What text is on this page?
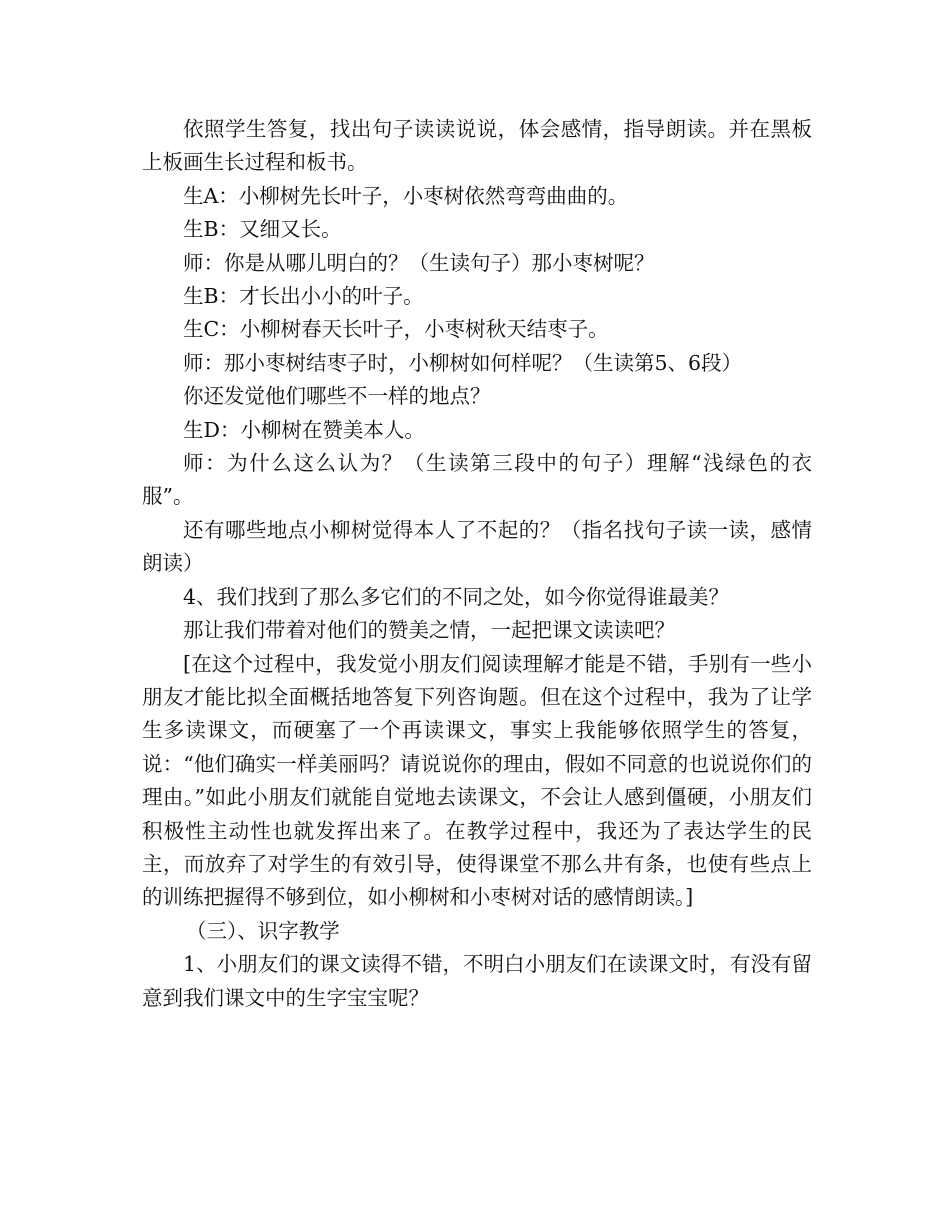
依照学生答复，找出句子读读说说，体会感情，指导朗读。并在黑板上板画生长过程和板书。

生A：小柳树先长叶子，小枣树依然弯弯曲曲的。

生B：又细又长。

师：你是从哪儿明白的？（生读句子）那小枣树呢？

生B：才长出小小的叶子。

生C：小柳树春天长叶子，小枣树秋天结枣子。

师：那小枣树结枣子时，小柳树如何样呢？（生读第5、6段）

你还发觉他们哪些不一样的地点？

生D：小柳树在赞美本人。

师：为什么这么认为？（生读第三段中的句子）理解“浅绿色的衣服”。

还有哪些地点小柳树觉得本人了不起的？（指名找句子读一读，感情朗读）

4、我们找到了那么多它们的不同之处，如今你觉得谁最美？

那让我们带着对他们的赞美之情，一起把课文读读吧？

[在这个过程中，我发觉小朋友们阅读理解才能是不错，手别有一些小朋友才能比拟全面概括地答复下列咨询题。但在这个过程中，我为了让学生多读课文，而硬塞了一个再读课文，事实上我能够依照学生的答复，说：“他们确实一样美丽吗？请说说你的理由，假如不同意的也说说你们的理由。”如此小朋友们就能自觉地去读课文，不会让人感到僵硬，小朋友们积极性主动性也就发挥出来了。在教学过程中，我还为了表达学生的民主，而放弃了对学生的有效引导，使得课堂不那么井有条，也使有些点上的训练把握得不够到位，如小柳树和小枣树对话的感情朗读。]

（三）、识字教学

1、小朋友们的课文读得不错，不明白小朋友们在读课文时，有没有留意到我们课文中的生字宝宝呢？
